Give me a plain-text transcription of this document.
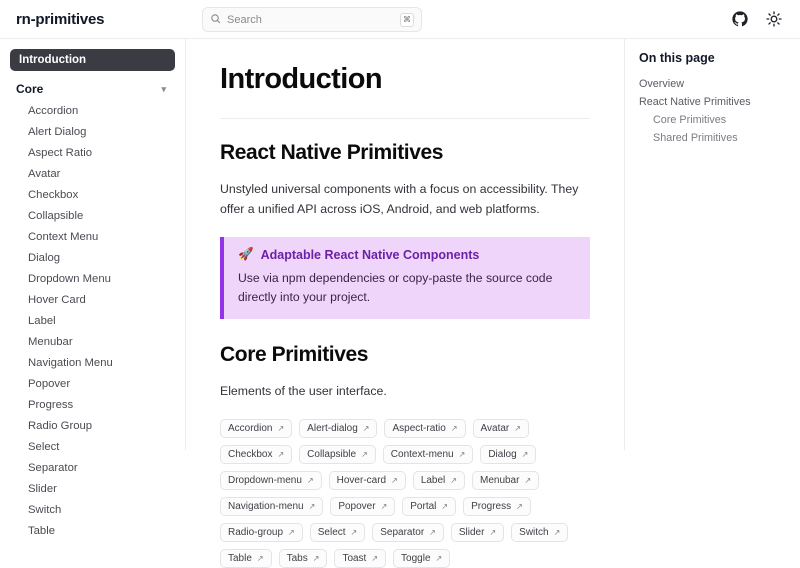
rn-primitives	Search	⌘
Introduction
Core	▾
Accordion
Alert Dialog
Aspect Ratio
Avatar
Checkbox
Collapsible
Context Menu
Dialog
Dropdown Menu
Hover Card
Label
Menubar
Navigation Menu
Popover
Progress
Radio Group
Select
Separator
Slider
Switch
Table
Introduction
React Native Primitives

Unstyled universal components with a focus on accessibility. They offer a unified API across iOS, Android, and web platforms.

🚀 Adaptable React Native Components

Use via npm dependencies or copy-paste the source code directly into your project.

Core Primitives

Elements of the user interface.

Accordion ↗ Alert-dialog ↗ Aspect-ratio ↗ Avatar ↗
Checkbox ↗ Collapsible ↗ Context-menu ↗ Dialog ↗
Dropdown-menu ↗ Hover-card ↗ Label ↗ Menubar ↗
Navigation-menu ↗ Popover ↗ Portal ↗ Progress ↗
Radio-group ↗ Select ↗ Separator ↗ Slider ↗ Switch ↗
Table ↗ Tabs ↗ Toast ↗ Toggle ↗
On this page
Overview
React Native Primitives
Core Primitives
Shared Primitives
